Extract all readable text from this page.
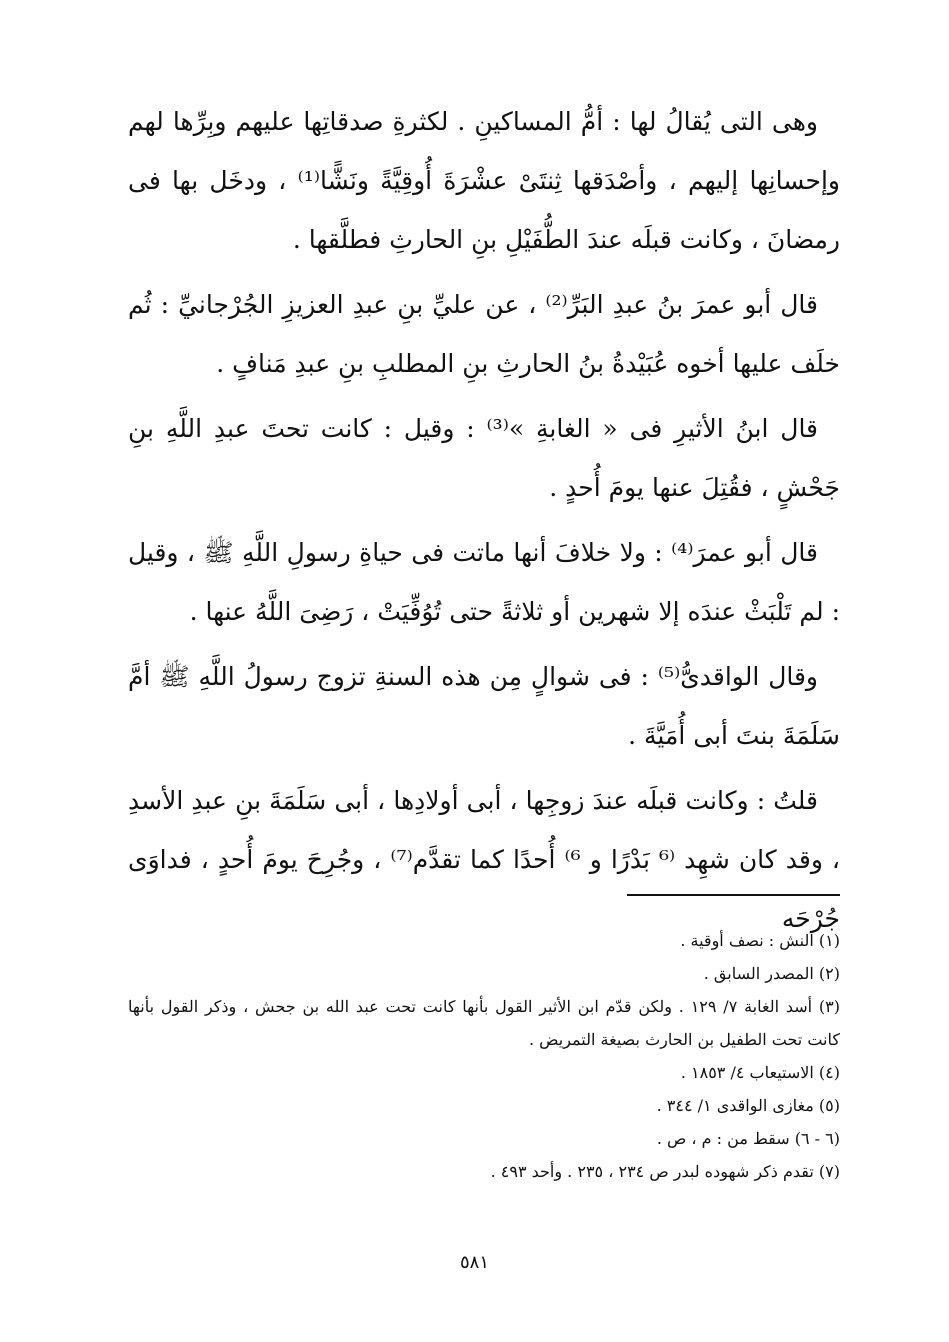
وهى التى يُقالُ لها : أمُّ المساكينِ . لكثرةِ صدقاتِها عليهم وبِرِّها لهم وإحسانِها إليهم ، وأصْدَقها ثِنتَىْ عشْرَةَ أُوقِيَّةً ونَشًّا⁽¹⁾ ، ودخَل بها فى رمضانَ ، وكانت قبلَه عندَ الطُّفَيْلِ بنِ الحارثِ فطلَّقها .

قال أبو عمرَ بنُ عبدِ البَرِّ⁽²⁾ ، عن عليِّ بنِ عبدِ العزيزِ الجُرْجانيِّ : ثُم خلَف عليها أخوه عُبَيْدةُ بنُ الحارثِ بنِ المطلبِ بنِ عبدِ مَنافٍ .

قال ابنُ الأثيرِ فى « الغابةِ »⁽³⁾ : وقيل : كانت تحتَ عبدِ اللَّهِ بنِ جَحْشٍ ، فقُتِلَ عنها يومَ أُحدٍ .

قال أبو عمرَ⁽⁴⁾ : ولا خلافَ أنها ماتت فى حياةِ رسولِ اللَّهِ ﷺ ، وقيل : لم تَلْبَثْ عندَه إلا شهرين أو ثلاثةً حتى تُوُفِّيَتْ ، رَضِىَ اللَّهُ عنها .

وقال الواقدىُّ⁽⁵⁾ : فى شوالٍ مِن هذه السنةِ تزوج رسولُ اللَّهِ ﷺ أمَّ سَلَمَةَ بنتَ أبى أُمَيَّةَ .

قلتُ : وكانت قبلَه عندَ زوجِها ، أبى أولادِها ، أبى سَلَمَةَ بنِ عبدِ الأسدِ ، وقد كان شهِد ⁽⁶ بَدْرًا و ⁶⁾ أُحدًا كما تقدَّم⁽⁷⁾ ، وجُرِحَ يومَ أُحدٍ ، فداوَى جُرْحَه

(١) النش : نصف أوقية .

(٢) المصدر السابق .

(٣) أسد الغابة ٧/ ١٢٩ . ولكن قدّم ابن الأثير القول بأنها كانت تحت عبد الله بن جحش ، وذكر القول بأنها كانت تحت الطفيل بن الحارث بصيغة التمريض .

(٤) الاستيعاب ٤/ ١٨٥٣ .

(٥) مغازى الواقدى ١/ ٣٤٤ .

(٦ - ٦) سقط من : م ، ص .

(٧) تقدم ذكر شهوده لبدر ص ٢٣٤ ، ٢٣٥ . وأحد ٤٩٣ .

٥٨١
